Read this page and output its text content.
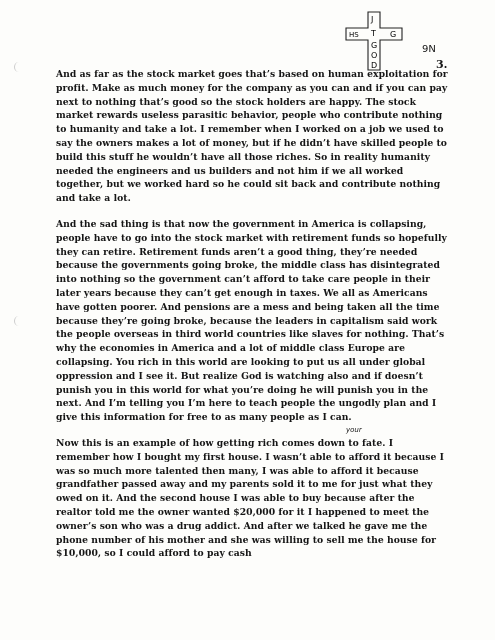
J
T
G
O
D
HS	G
9N
3.

And as far as the stock market goes that’s based on human exploitation for profit. Make as much money for the company as you can and if you can pay next to nothing that’s good so the stock holders are happy. The stock market rewards useless parasitic behavior, people who contribute nothing to humanity and take a lot. I remember when I worked on a job we used to say the owners makes a lot of money, but if he didn’t have skilled people to build this stuff he wouldn’t have all those riches. So in reality humanity needed the engineers and us builders and not him if we all worked together, but we worked hard so he could sit back and contribute nothing and take a lot.

And the sad thing is that now the government in America is collapsing, people have to go into the stock market with retirement funds so hopefully they can retire. Retirement funds aren’t a good thing, they’re needed because the governments going broke, the middle class has disintegrated into nothing so the government can’t afford to take care people in their later years because they can’t get enough in taxes. We all as Americans have gotten poorer. And pensions are a mess and being taken all the time because they’re going broke, because the leaders in capitalism said work the people overseas in third world countries like slaves for nothing. That’s why the economies in America and a lot of middle class Europe are collapsing. You rich in this world are looking to put us all under global oppression and I see it. But realize God is watching also and if doesn’t punish you in this world for what you’re doing he will punish you in the next. And I’m telling you I’m here to teach people the ungodly plan and I give this information for free to as many people as I can.

Now this is an example of how getting rich comes down to fate. I remember how I bought my first house. I wasn’t able to afford it because I was so much more talented then many, I was able to afford it because grandfather passed away and my parents sold it to me for just what they owed on it. And the second house I was able to buy because after the realtor told me the owner wanted $20,000 for it I happened to meet the owner’s son who was a drug addict. And after we talked he gave me the phone number of his mother and she was willing to sell me the house for $10,000, so I could afford to pay cash

your
